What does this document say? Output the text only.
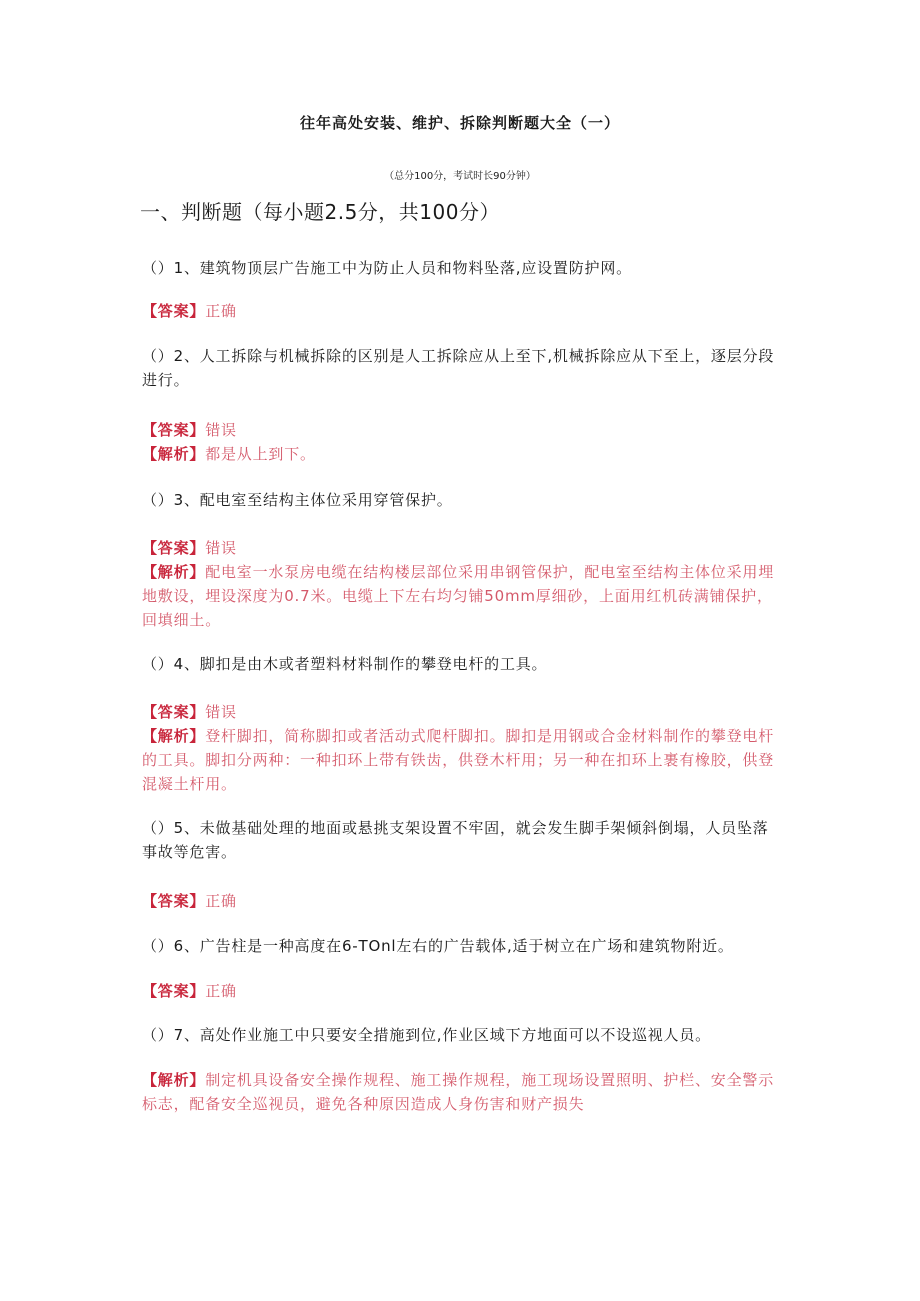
往年高处安装、维护、拆除判断题大全（一）
（总分100分，考试时长90分钟）
一、判断题（每小题2.5分，共100分）
（）1、建筑物顶层广告施工中为防止人员和物料坠落,应设置防护网。
【答案】正确
（）2、人工拆除与机械拆除的区别是人工拆除应从上至下,机械拆除应从下至上，逐层分段进行。
【答案】错误
【解析】都是从上到下。
（）3、配电室至结构主体位采用穿管保护。
【答案】错误
【解析】配电室一水泵房电缆在结构楼层部位采用串钢管保护，配电室至结构主体位采用埋地敷设，埋设深度为0.7米。电缆上下左右均匀铺50mm厚细砂，上面用红机砖满铺保护，回填细土。
（）4、脚扣是由木或者塑料材料制作的攀登电杆的工具。
【答案】错误
【解析】登杆脚扣，简称脚扣或者活动式爬杆脚扣。脚扣是用钢或合金材料制作的攀登电杆的工具。脚扣分两种：一种扣环上带有铁齿，供登木杆用；另一种在扣环上裹有橡胶，供登混凝土杆用。
（）5、未做基础处理的地面或悬挑支架设置不牢固，就会发生脚手架倾斜倒塌，人员坠落事故等危害。
【答案】正确
（）6、广告柱是一种高度在6-TOnl左右的广告载体,适于树立在广场和建筑物附近。
【答案】正确
（）7、高处作业施工中只要安全措施到位,作业区域下方地面可以不设巡视人员。
【解析】制定机具设备安全操作规程、施工操作规程，施工现场设置照明、护栏、安全警示标志，配备安全巡视员，避免各种原因造成人身伤害和财产损失
